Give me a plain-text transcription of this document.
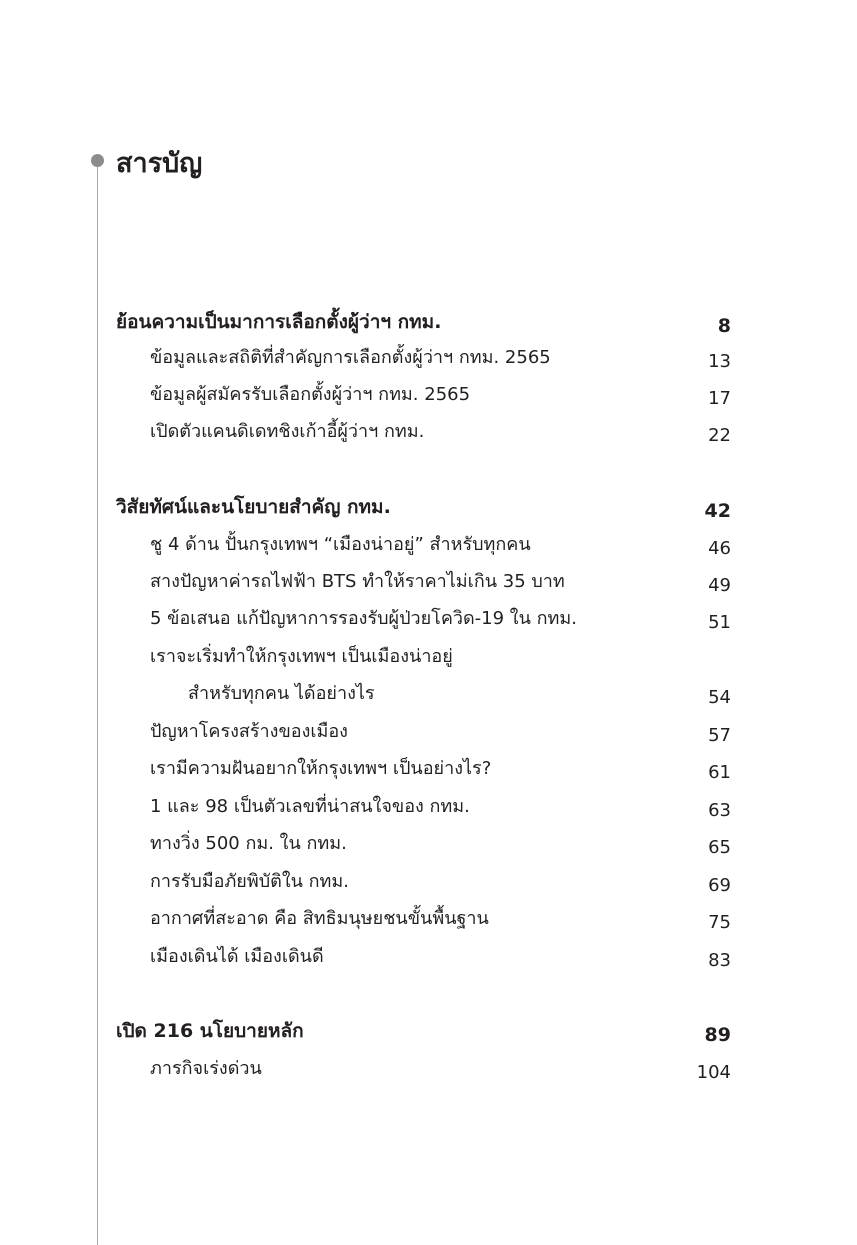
สารบัญ
ย้อนความเป็นมาการเลือกตั้งผู้ว่าฯ กทม.	8
ข้อมูลและสถิติที่สำคัญการเลือกตั้งผู้ว่าฯ กทม. 2565	13
ข้อมูลผู้สมัครรับเลือกตั้งผู้ว่าฯ กทม. 2565	17
เปิดตัวแคนดิเดทชิงเก้าอี้ผู้ว่าฯ กทม.	22
วิสัยทัศน์และนโยบายสำคัญ กทม.	42
ชู 4 ด้าน ปั้นกรุงเทพฯ “เมืองน่าอยู่” สำหรับทุกคน	46
สางปัญหาค่ารถไฟฟ้า BTS ทำให้ราคาไม่เกิน 35 บาท	49
5 ข้อเสนอ แก้ปัญหาการรองรับผู้ป่วยโควิด-19 ใน กทม.	51
เราจะเริ่มทำให้กรุงเทพฯ เป็นเมืองน่าอยู่
สำหรับทุกคน ได้อย่างไร	54
ปัญหาโครงสร้างของเมือง	57
เรามีความฝันอยากให้กรุงเทพฯ เป็นอย่างไร?	61
1 และ 98 เป็นตัวเลขที่น่าสนใจของ กทม.	63
ทางวิ่ง 500 กม. ใน กทม.	65
การรับมือภัยพิบัติใน กทม.	69
อากาศที่สะอาด คือ สิทธิมนุษยชนขั้นพื้นฐาน	75
เมืองเดินได้ เมืองเดินดี	83
เปิด 216 นโยบายหลัก	89
ภารกิจเร่งด่วน	104
